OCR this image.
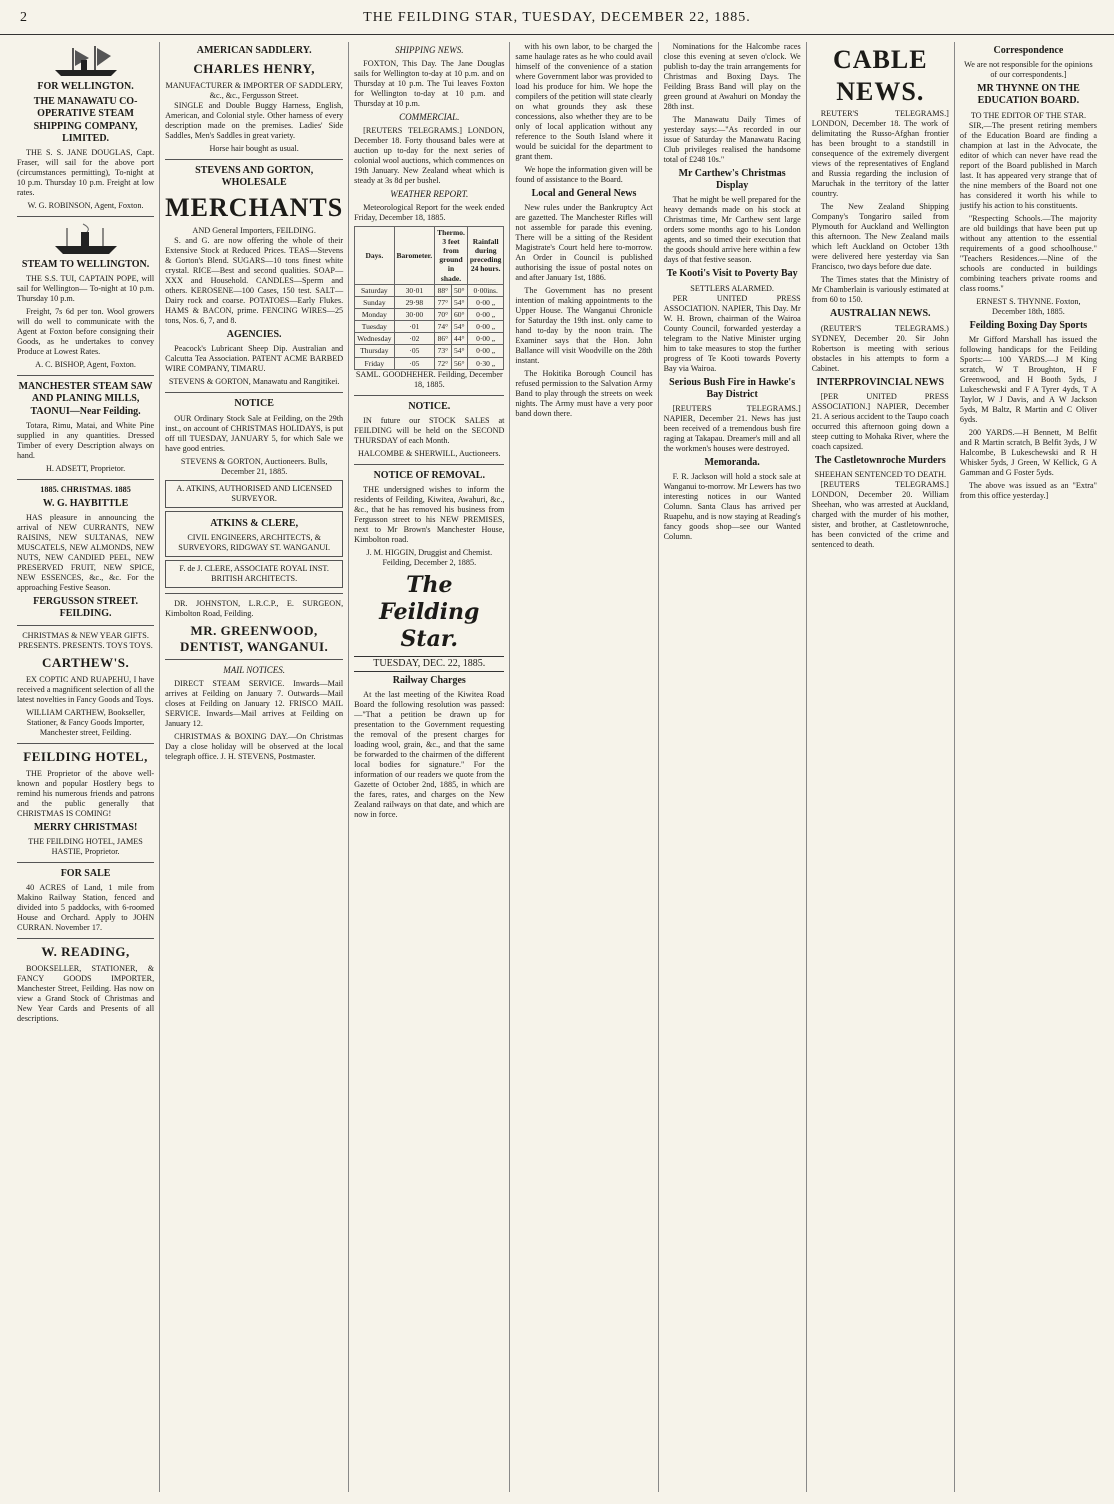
2	THE FEILDING STAR, TUESDAY, DECEMBER 22, 1885.
FOR WELLINGTON.
THE MANAWATU CO-OPERATIVE STEAM SHIPPING COMPANY, LIMITED.

THE S. S. JANE DOUGLAS, Capt. Fraser, will sail for the above port (circumstances permitting), To-night at 10 p.m. Thursday 10 p.m. Freight at low rates.

W. G. ROBINSON, Agent, Foxton.
STEAM TO WELLINGTON.

THE S.S. TUI, CAPTAIN POPE, will sail for Wellington— To-night at 10 p.m. Thursday 10 p.m.

Freight, 7s 6d per ton. Wool growers will do well to communicate with the Agent at Foxton before consigning their Goods, as he undertakes to convey Produce at Lowest Rates.

A. C. BISHOP, Agent, Foxton.
MANCHESTER STEAM SAW AND PLANING MILLS, TAONUI—Near Feilding.

Totara, Rimu, Matai, and White Pine supplied in any quantities. Dressed Timber of every Description always on hand.

H. ADSETT, Proprietor.
1885. CHRISTMAS. 1885
W. G. HAYBITTLE

HAS pleasure in announcing the arrival of NEW CURRANTS, NEW RAISINS, NEW SULTANAS, NEW MUSCATELS, NEW ALMONDS, NEW NUTS, NEW CANDIED PEEL, NEW PRESERVED FRUIT, NEW SPICE, NEW ESSENCES, &c., &c. For the approaching Festive Season.

FERGUSSON STREET. FEILDING.
CHRISTMAS & NEW YEAR GIFTS. PRESENTS. PRESENTS. TOYS TOYS.
CARTHEW'S.

EX COPTIC AND RUAPEHU, I have received a magnificent selection of all the latest novelties in Fancy Goods and Toys.

WILLIAM CARTHEW, Bookseller, Stationer, & Fancy Goods Importer, Manchester street, Feilding.
FEILDING HOTEL,

THE Proprietor of the above well-known and popular Hostlery begs to remind his numerous friends and patrons and the public generally that CHRISTMAS IS COMING!

MERRY CHRISTMAS!
THE FEILDING HOTEL, JAMES HASTIE, Proprietor.
FOR SALE

40 ACRES of Land, 1 mile from Makino Railway Station, fenced and divided into 5 paddocks, with 6-roomed House and Orchard. Apply to JOHN CURRAN. November 17.

W. READING,

BOOKSELLER, STATIONER, & FANCY GOODS IMPORTER, Manchester Street, Feilding. Has now on view a Grand Stock of Christmas and New Year Cards and Presents of all descriptions.

AMERICAN SADDLERY.
CHARLES HENRY,
MANUFACTURER & IMPORTER OF SADDLERY, &c., &c., Fergusson Street.

SINGLE and Double Buggy Harness, English, American, and Colonial style. Other harness of every description made on the premises. Ladies' Side Saddles, Men's Saddles in great variety.

Horse hair bought as usual.
STEVENS AND GORTON, WHOLESALE
MERCHANTS
AND General Importers, FEILDING.

S. and G. are now offering the whole of their Extensive Stock at Reduced Prices. TEAS—Stevens & Gorton's Blend. SUGARS—10 tons finest white crystal. RICE—Best and second qualities. SOAP—XXX and Household. CANDLES—Sperm and others. KEROSENE—100 Cases, 150 test. SALT—Dairy rock and coarse. POTATOES—Early Flukes. HAMS & BACON, prime. FENCING WIRES—25 tons, Nos. 6, 7, and 8.

AGENCIES.

Peacock's Lubricant Sheep Dip. Australian and Calcutta Tea Association. PATENT ACME BARBED WIRE COMPANY, TIMARU.

STEVENS & GORTON, Manawatu and Rangitikei.
NOTICE

OUR Ordinary Stock Sale at Feilding, on the 29th inst., on account of CHRISTMAS HOLIDAYS, is put off till TUESDAY, JANUARY 5, for which Sale we have good entries.

STEVENS & GORTON, Auctioneers. Bulls, December 21, 1885.
A. ATKINS, AUTHORISED AND LICENSED SURVEYOR.
ATKINS & CLERE,
CIVIL ENGINEERS, ARCHITECTS, & SURVEYORS, RIDGWAY ST. WANGANUI.
F. de J. CLERE, ASSOCIATE ROYAL INST. BRITISH ARCHITECTS.

DR. JOHNSTON, L.R.C.P., E. SURGEON, Kimbolton Road, Feilding.

MR. GREENWOOD, DENTIST, WANGANUI.
MAIL NOTICES.

DIRECT STEAM SERVICE. Inwards—Mail arrives at Feilding on January 7. Outwards—Mail closes at Feilding on January 12. FRISCO MAIL SERVICE. Inwards—Mail arrives at Feilding on January 12.

CHRISTMAS & BOXING DAY.—On Christmas Day a close holiday will be observed at the local telegraph office. J. H. STEVENS, Postmaster.

SHIPPING NEWS.

FOXTON, This Day. The Jane Douglas sails for Wellington to-day at 10 p.m. and on Thursday at 10 p.m. The Tui leaves Foxton for Wellington to-day at 10 p.m. and Thursday at 10 p.m.

COMMERCIAL.

[REUTERS TELEGRAMS.] LONDON, December 18. Forty thousand bales were at auction up to-day for the next series of colonial wool auctions, which commences on 19th January. New Zealand wheat which is steady at 3s 8d per bushel.

WEATHER REPORT.

Meteorological Report for the week ended Friday, December 18, 1885.

Days.	Barometer.	Thermo. 3 feet from ground in shade.		Rainfall during preceding 24 hours.
Saturday	30·01	88°	50°	0·00ins.
Sunday	29·98	77°	54°	0·00 „
Monday	30·00	70°	60°	0·00 „
Tuesday	·01	74°	54°	0·00 „
Wednesday	·02	86°	44°	0·00 „
Thursday	·05	73°	54°	0·00 „
Friday	·05	72°	56°	0·30 „
SAML. GOODHEHER. Feilding, December 18, 1885.
NOTICE.

IN future our STOCK SALES at FEILDING will be held on the SECOND THURSDAY of each Month.

HALCOMBE & SHERWILL, Auctioneers.
NOTICE OF REMOVAL.

THE undersigned wishes to inform the residents of Feilding, Kiwitea, Awahuri, &c., &c., that he has removed his business from Fergusson street to his NEW PREMISES, next to Mr Brown's Manchester House, Kimbolton road.

J. M. HIGGIN, Druggist and Chemist. Feilding, December 2, 1885.
The Feilding Star.
TUESDAY, DEC. 22, 1885.
Railway Charges

At the last meeting of the Kiwitea Road Board the following resolution was passed:—"That a petition be drawn up for presentation to the Government requesting the removal of the present charges for loading wool, grain, &c., and that the same be forwarded to the chairmen of the different local bodies for signature." For the information of our readers we quote from the Gazette of October 2nd, 1885, in which are the fares, rates, and charges on the New Zealand railways on that date, and which are now in force.

with his own labor, to be charged the same haulage rates as he who could avail himself of the convenience of a station where Government labor was provided to load his produce for him. We hope the compilers of the petition will state clearly on what grounds they ask these concessions, also whether they are to be only of local application without any reference to the South Island where it would be suicidal for the department to grant them.

We hope the information given will be found of assistance to the Board.

Local and General News

New rules under the Bankruptcy Act are gazetted. The Manchester Rifles will not assemble for parade this evening. There will be a sitting of the Resident Magistrate's Court held here to-morrow. An Order in Council is published authorising the issue of postal notes on and after January 1st, 1886.

The Government has no present intention of making appointments to the Upper House. The Wanganui Chronicle for Saturday the 19th inst. only came to hand to-day by the noon train. The Examiner says that the Hon. John Ballance will visit Woodville on the 28th instant.

The Hokitika Borough Council has refused permission to the Salvation Army Band to play through the streets on week nights. The Army must have a very poor band down there.

Nominations for the Halcombe races close this evening at seven o'clock. We publish to-day the train arrangements for Christmas and Boxing Days. The Feilding Brass Band will play on the green ground at Awahuri on Monday the 28th inst.

The Manawatu Daily Times of yesterday says:—"As recorded in our issue of Saturday the Manawatu Racing Club privileges realised the handsome total of £248 10s."

Mr Carthew's Christmas Display

That he might be well prepared for the heavy demands made on his stock at Christmas time, Mr Carthew sent large orders some months ago to his London agents, and so timed their execution that the goods should arrive here within a few days of that festive season.

Te Kooti's Visit to Poverty Bay
SETTLERS ALARMED.

PER UNITED PRESS ASSOCIATION. NAPIER, This Day. Mr W. H. Brown, chairman of the Wairoa County Council, forwarded yesterday a telegram to the Native Minister urging him to take measures to stop the further progress of Te Kooti towards Poverty Bay via Wairoa.

Serious Bush Fire in Hawke's Bay District

[REUTERS TELEGRAMS.] NAPIER, December 21. News has just been received of a tremendous bush fire raging at Takapau. Dreamer's mill and all the workmen's houses were destroyed.

Memoranda.

F. R. Jackson will hold a stock sale at Wanganui to-morrow. Mr Lewers has two interesting notices in our Wanted Column. Santa Claus has arrived per Ruapehu, and is now staying at Reading's fancy goods shop—see our Wanted Column.

CABLE NEWS.

REUTER'S TELEGRAMS.] LONDON, December 18. The work of delimitating the Russo-Afghan frontier has been brought to a standstill in consequence of the extremely divergent views of the representatives of England and Russia regarding the inclusion of Maruchak in the territory of the latter country.

The New Zealand Shipping Company's Tongariro sailed from Plymouth for Auckland and Wellington this afternoon. The New Zealand mails which left Auckland on October 13th were delivered here yesterday via San Francisco, two days before due date.

The Times states that the Ministry of Mr Chamberlain is variously estimated at from 60 to 150.

AUSTRALIAN NEWS.

(REUTER'S TELEGRAMS.) SYDNEY, December 20. Sir John Robertson is meeting with serious obstacles in his attempts to form a Cabinet.

INTERPROVINCIAL NEWS

[PER UNITED PRESS ASSOCIATION.] NAPIER, December 21. A serious accident to the Taupo coach occurred this afternoon going down a steep cutting to Mohaka River, where the coach capsized.

The Castletownroche Murders
SHEEHAN SENTENCED TO DEATH.

[REUTERS TELEGRAMS.] LONDON, December 20. William Sheehan, who was arrested at Auckland, charged with the murder of his mother, sister, and brother, at Castletownroche, has been convicted of the crime and sentenced to death.

Correspondence
We are not responsible for the opinions of our correspondents.]
MR THYNNE ON THE EDUCATION BOARD.
TO THE EDITOR OF THE STAR.

SIR,—The present retiring members of the Education Board are finding a champion at last in the Advocate, the editor of which can never have read the report of the Board published in March last. It has appeared very strange that of the nine members of the Board not one has considered it worth his while to justify his action to his constituents.

"Respecting Schools.—The majority are old buildings that have been put up without any attention to the essential requirements of a good schoolhouse." "Teachers Residences.—Nine of the schools are conducted in buildings combining teachers private rooms and class rooms."

ERNEST S. THYNNE. Foxton, December 18th, 1885.
Feilding Boxing Day Sports

Mr Gifford Marshall has issued the following handicaps for the Feilding Sports:— 100 YARDS.—J M King scratch, W T Broughton, H F Greenwood, and H Booth 5yds, J Lukeschewski and F A Tyrer 4yds, T A Taylor, W J Davis, and A W Jackson 5yds, M Baltz, R Martin and C Oliver 6yds.

200 YARDS.—H Bennett, M Belfit and R Martin scratch, B Belfit 3yds, J W Halcombe, B Lukeschewski and R H Whisker 5yds, J Green, W Kellick, G A Gamman and G Foster 5yds.

The above was issued as an "Extra" from this office yesterday.]
